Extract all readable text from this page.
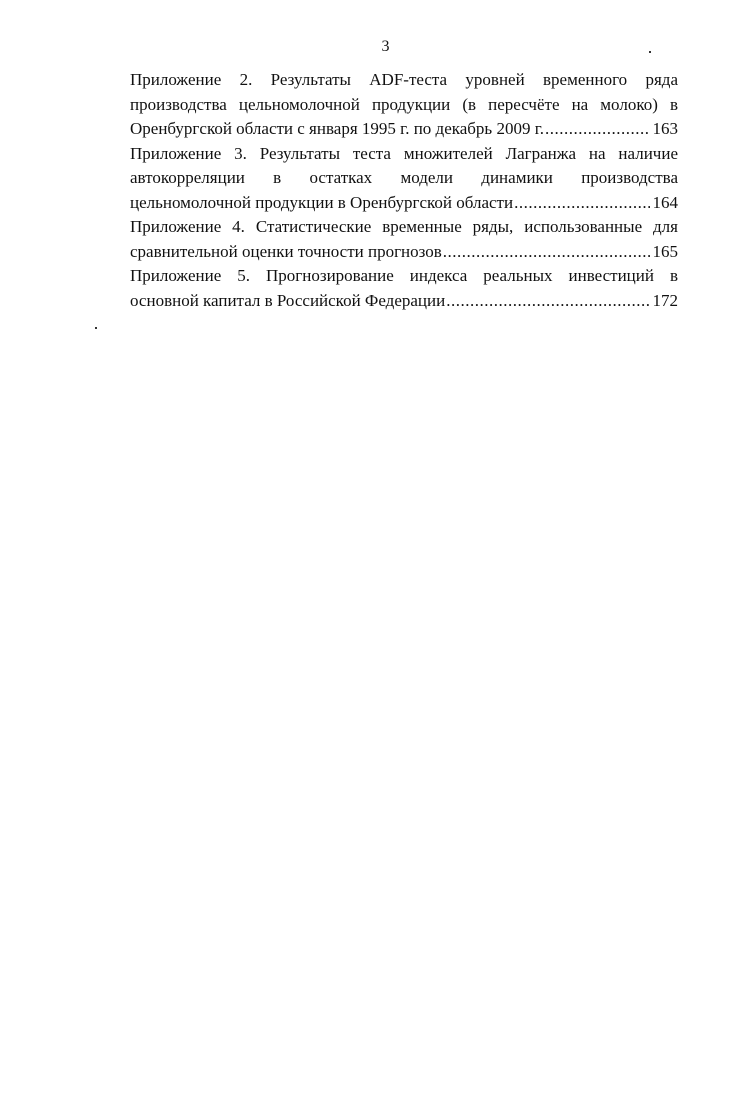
3
Приложение 2. Результаты ADF-теста уровней временного ряда
производства цельномолочной продукции (в пересчёте на молоко) в
Оренбургской области с января 1995 г. по декабрь 2009 г. .....	163
Приложение 3. Результаты теста множителей Лагранжа на наличие
автокорреляции в остатках модели динамики производства
цельномолочной продукции в Оренбургской области .....	164
Приложение 4. Статистические временные ряды, использованные для
сравнительной оценки точности прогнозов .....	165
Приложение 5. Прогнозирование индекса реальных инвестиций в
основной капитал в Российской Федерации .....	172
